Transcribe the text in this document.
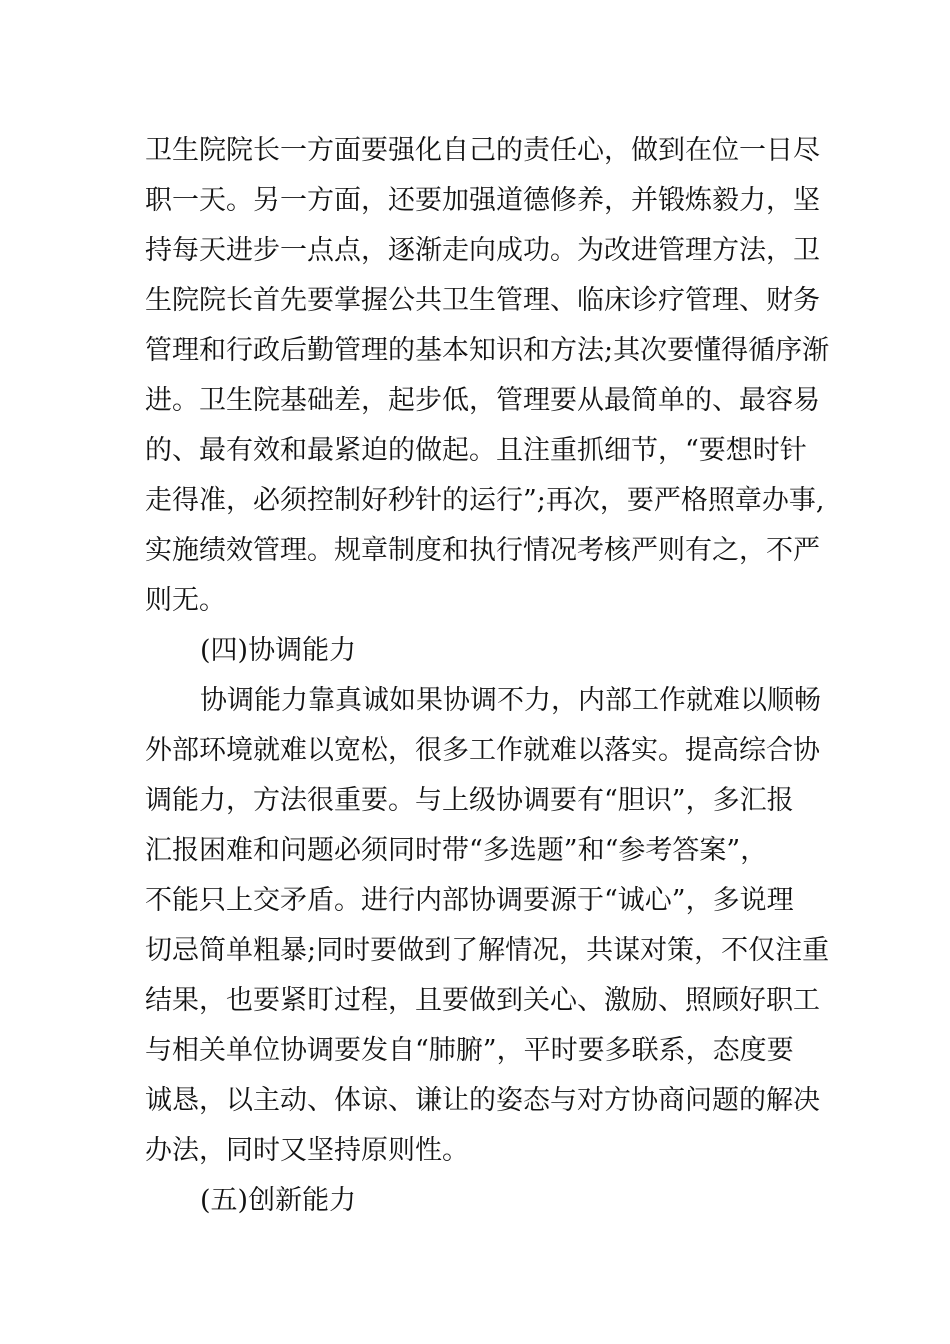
卫生院院长一方面要强化自己的责任心，做到在位一日尽
职一天。另一方面，还要加强道德修养，并锻炼毅力，坚
持每天进步一点点，逐渐走向成功。为改进管理方法，卫
生院院长首先要掌握公共卫生管理、临床诊疗管理、财务
管理和行政后勤管理的基本知识和方法;其次要懂得循序渐
进。卫生院基础差，起步低，管理要从最简单的、最容易
的、最有效和最紧迫的做起。且注重抓细节，“要想时针
走得准，必须控制好秒针的运行”;再次，要严格照章办事,
实施绩效管理。规章制度和执行情况考核严则有之，不严
则无。
(四)协调能力
协调能力靠真诚如果协调不力，内部工作就难以顺畅
外部环境就难以宽松，很多工作就难以落实。提高综合协
调能力，方法很重要。与上级协调要有“胆识”，多汇报
汇报困难和问题必须同时带“多选题”和“参考答案”，
不能只上交矛盾。进行内部协调要源于“诚心”，多说理
切忌简单粗暴;同时要做到了解情况，共谋对策，不仅注重
结果，也要紧盯过程，且要做到关心、激励、照顾好职工
与相关单位协调要发自“肺腑”，平时要多联系，态度要
诚恳，以主动、体谅、谦让的姿态与对方协商问题的解决
办法，同时又坚持原则性。
(五)创新能力
